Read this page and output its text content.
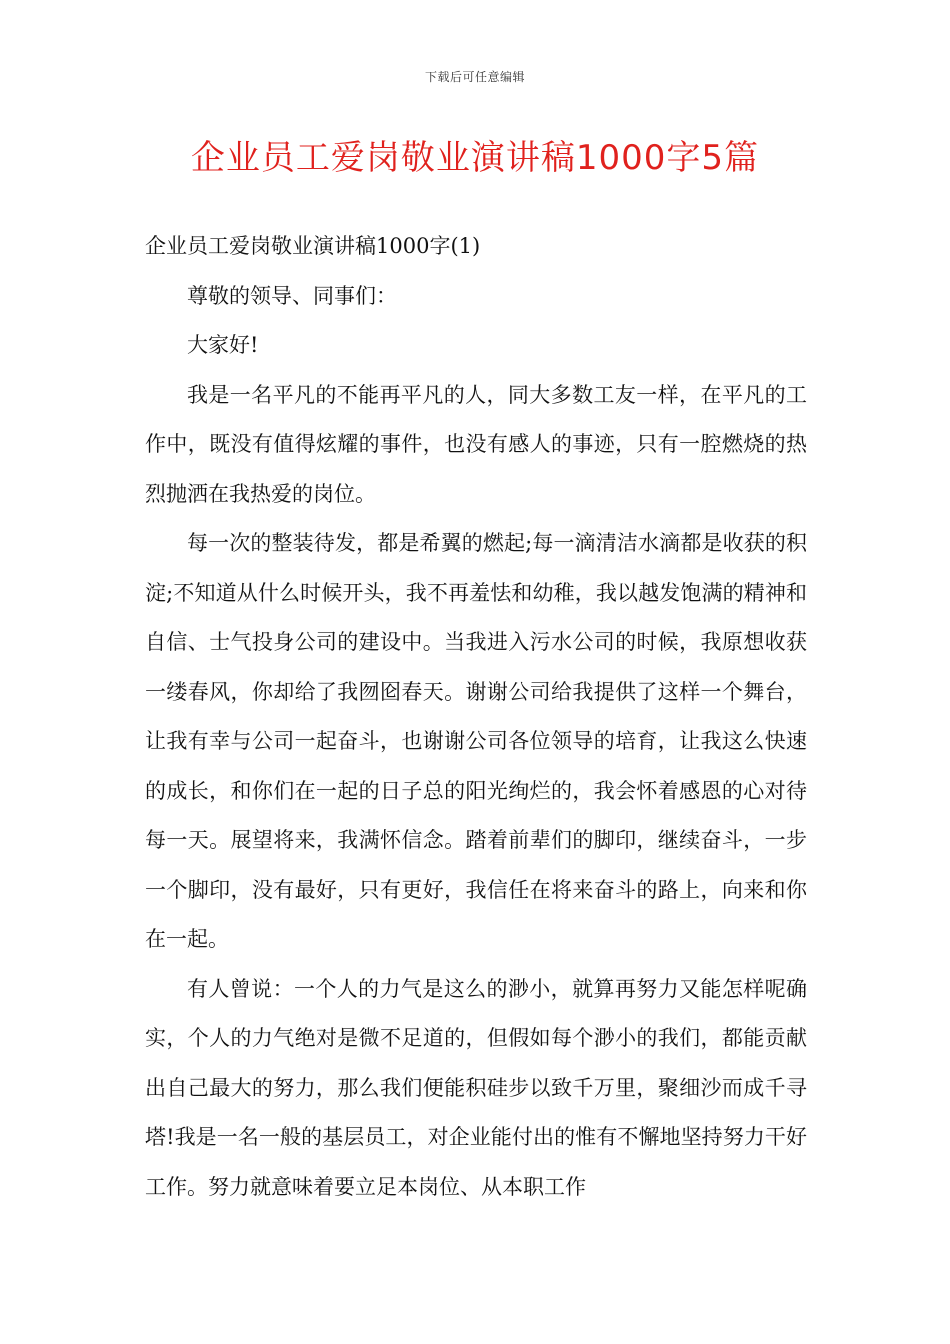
下载后可任意编辑
企业员工爱岗敬业演讲稿1000字5篇

企业员工爱岗敬业演讲稿1000字(1)

尊敬的领导、同事们：

大家好!

我是一名平凡的不能再平凡的人，同大多数工友一样，在平凡的工作中，既没有值得炫耀的事件，也没有感人的事迹，只有一腔燃烧的热烈抛洒在我热爱的岗位。

每一次的整装待发，都是希翼的燃起;每一滴清洁水滴都是收获的积淀;不知道从什么时候开头，我不再羞怯和幼稚，我以越发饱满的精神和自信、士气投身公司的建设中。当我进入污水公司的时候，我原想收获一缕春风，你却给了我囫囵春天。谢谢公司给我提供了这样一个舞台，让我有幸与公司一起奋斗，也谢谢公司各位领导的培育，让我这么快速的成长，和你们在一起的日子总的阳光绚烂的，我会怀着感恩的心对待每一天。展望将来，我满怀信念。踏着前辈们的脚印，继续奋斗，一步一个脚印，没有最好，只有更好，我信任在将来奋斗的路上，向来和你在一起。

有人曾说：一个人的力气是这么的渺小，就算再努力又能怎样呢确实，个人的力气绝对是微不足道的，但假如每个渺小的我们，都能贡献出自己最大的努力，那么我们便能积硅步以致千万里，聚细沙而成千寻塔!我是一名一般的基层员工，对企业能付出的惟有不懈地坚持努力干好工作。努力就意味着要立足本岗位、从本职工作
